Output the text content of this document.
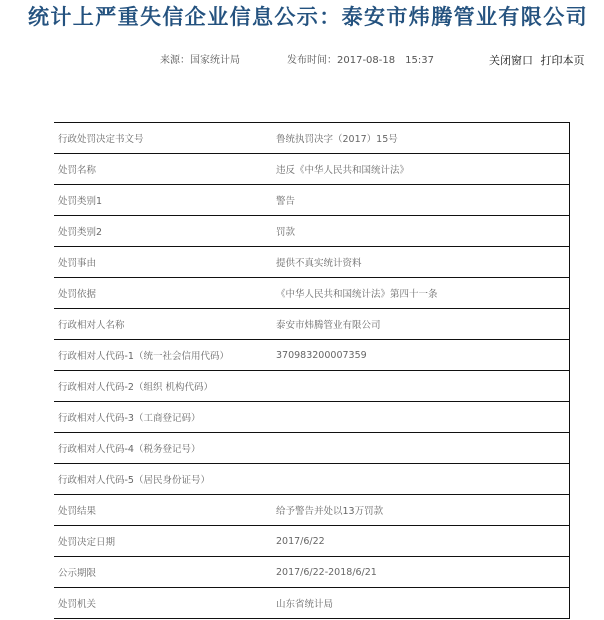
统计上严重失信企业信息公示：泰安市炜腾管业有限公司
来源：国家统计局	发布时间：2017-08-18　15:37	关闭窗口 打印本页
行政处罚决定书文号	鲁统执罚决字（2017）15号
处罚名称	违反《中华人民共和国统计法》
处罚类别1	警告
处罚类别2	罚款
处罚事由	提供不真实统计资料
处罚依据	《中华人民共和国统计法》第四十一条
行政相对人名称	泰安市炜腾管业有限公司
行政相对人代码-1（统一社会信用代码）	370983200007359
行政相对人代码-2（组织 机构代码）	
行政相对人代码-3（工商登记码）	
行政相对人代码-4（税务登记号）	
行政相对人代码-5（居民身份证号）	
处罚结果	给予警告并处以13万罚款
处罚决定日期	2017/6/22
公示期限	2017/6/22-2018/6/21
处罚机关	山东省统计局
